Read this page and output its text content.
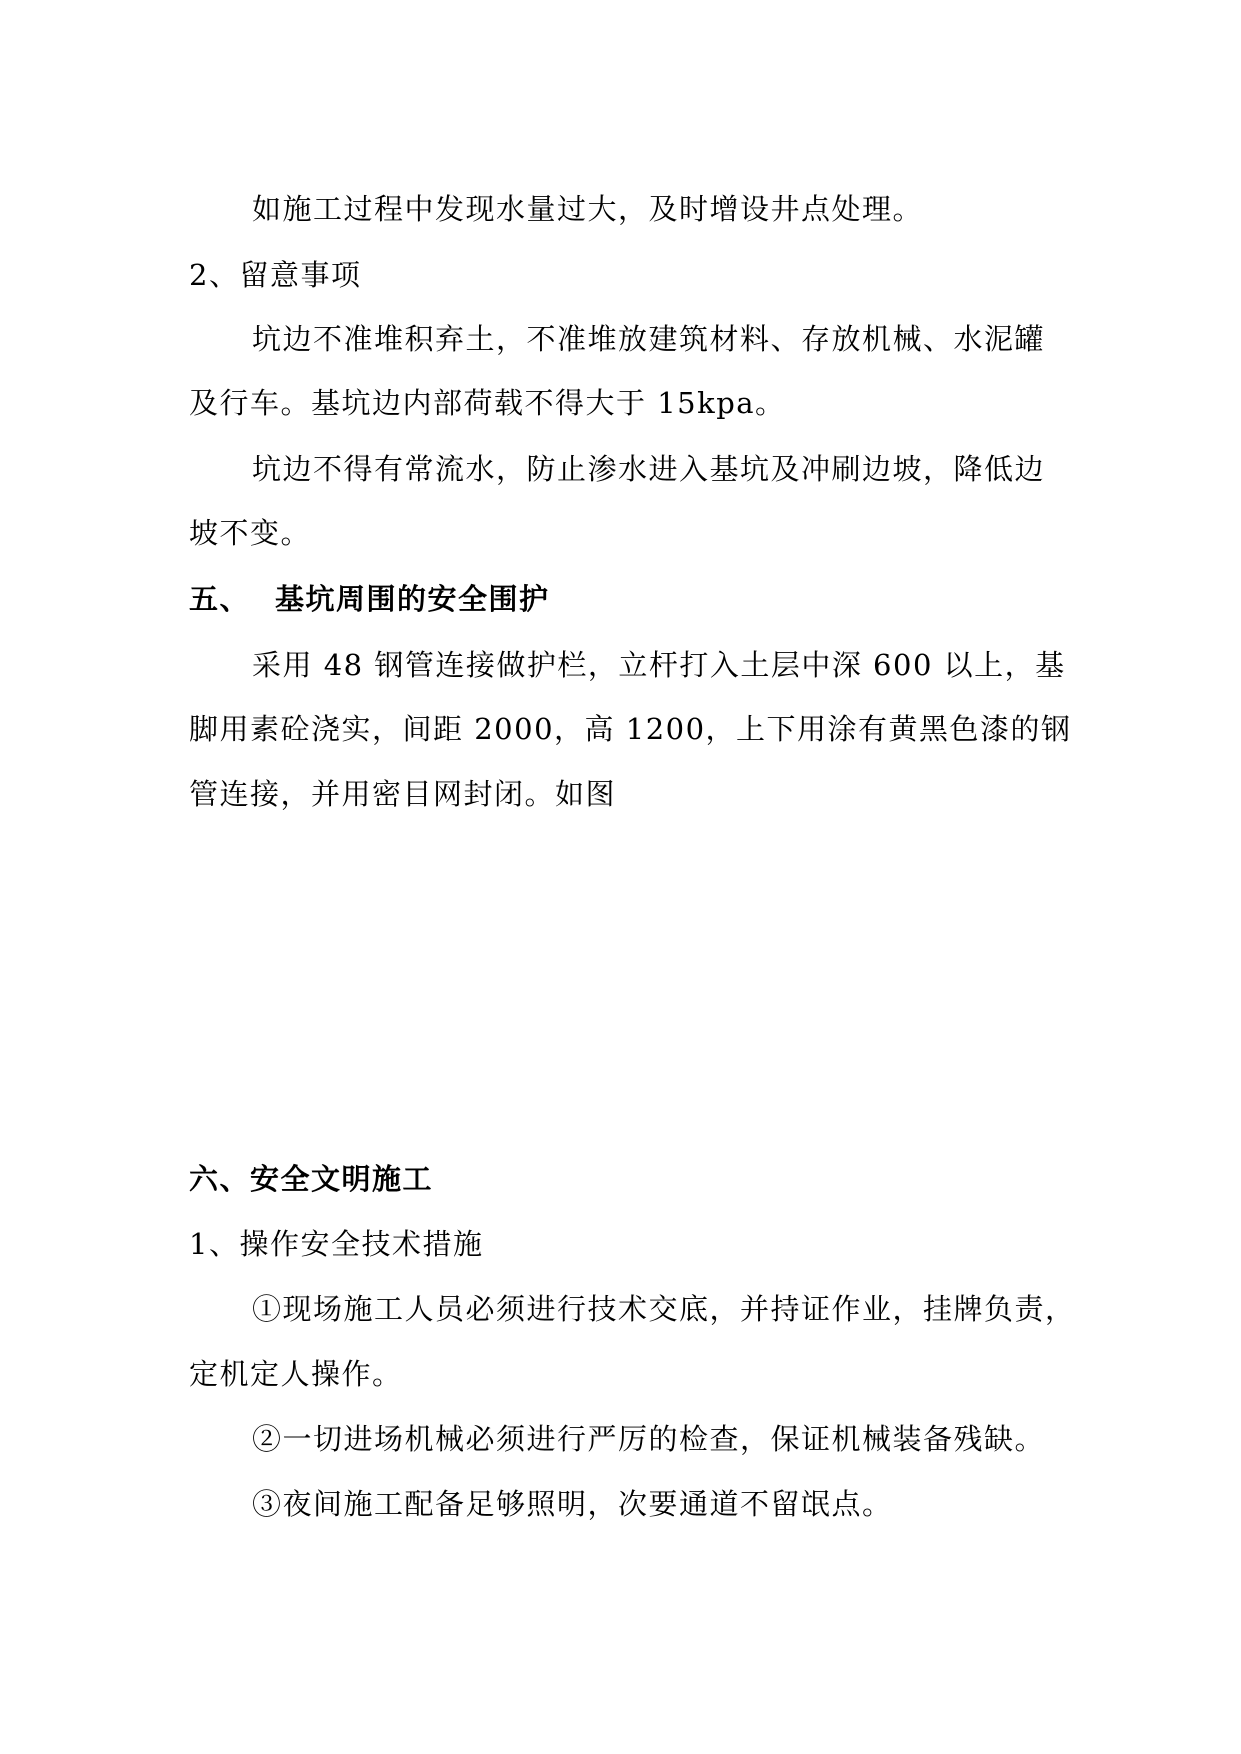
如施工过程中发现水量过大，及时增设井点处理。
2、留意事项
坑边不准堆积弃土，不准堆放建筑材料、存放机械、水泥罐
及行车。基坑边内部荷载不得大于 15kpa。
坑边不得有常流水，防止渗水进入基坑及冲刷边坡，降低边
坡不变。
五、 基坑周围的安全围护
采用 48 钢管连接做护栏，立杆打入土层中深 600 以上，基
脚用素砼浇实，间距 2000，高 1200，上下用涂有黄黑色漆的钢
管连接，并用密目网封闭。如图
六、安全文明施工
1、操作安全技术措施
①现场施工人员必须进行技术交底，并持证作业，挂牌负责，
定机定人操作。
②一切进场机械必须进行严厉的检查，保证机械装备残缺。
③夜间施工配备足够照明，次要通道不留氓点。
